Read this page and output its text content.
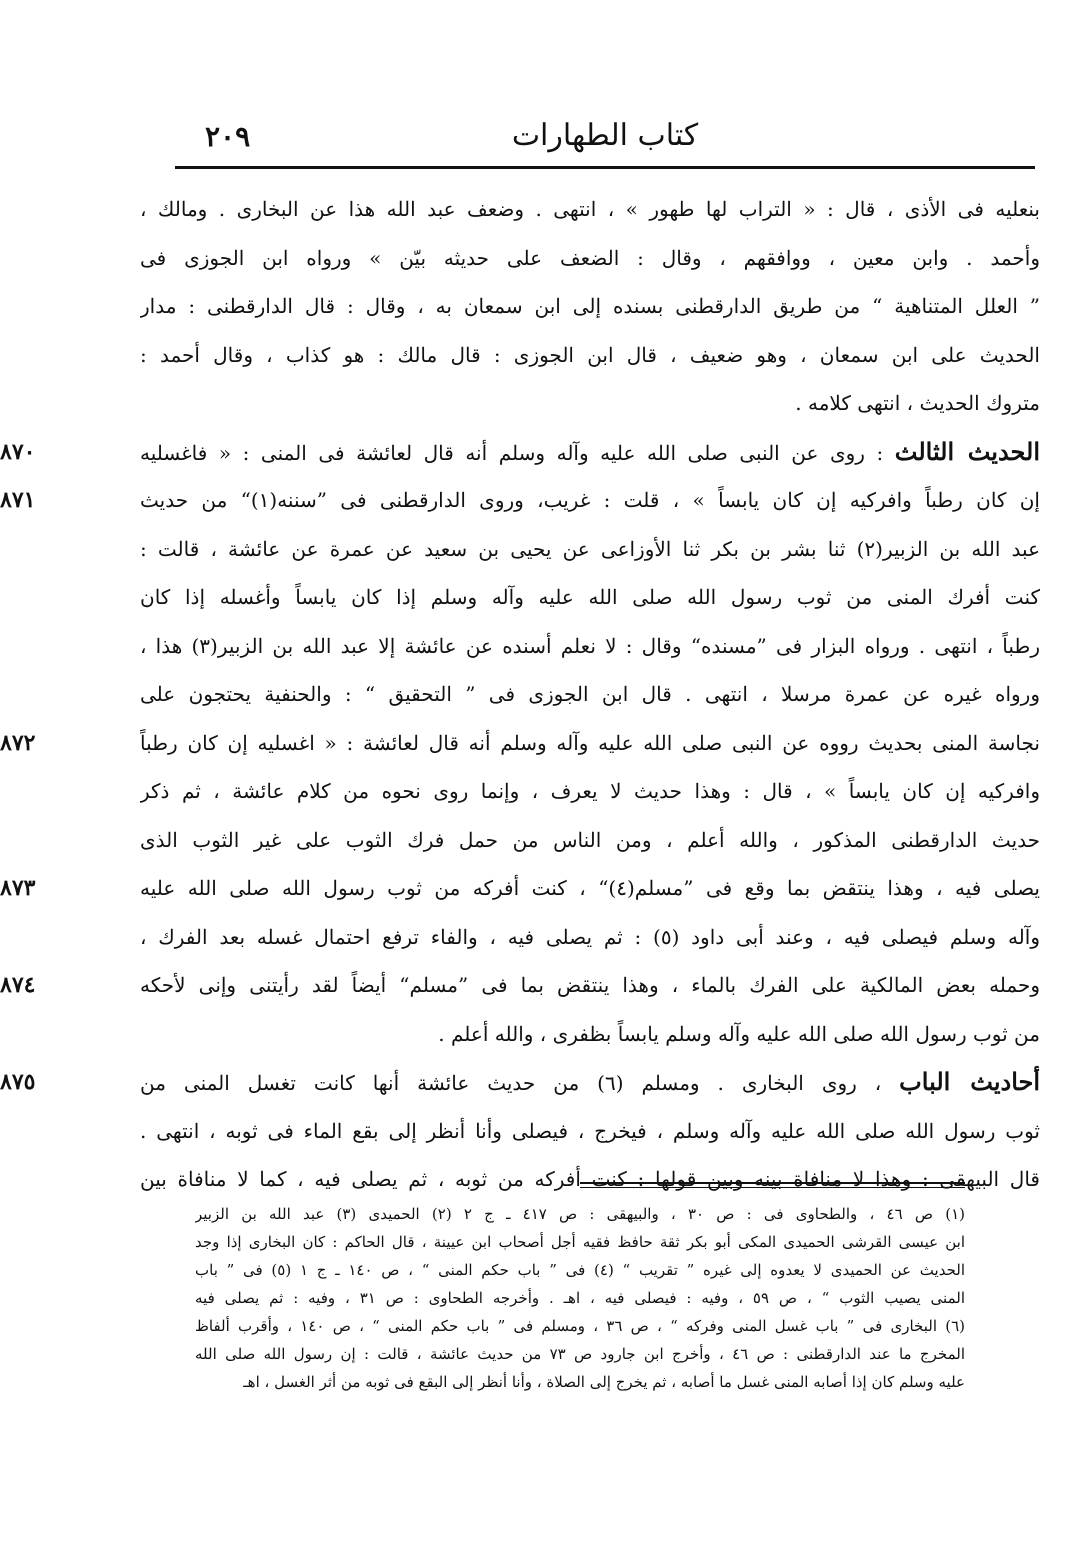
٢٠٩	كتاب الطهارات
بنعليه فى الأذى ، قال : « التراب لها طهور » ، انتهى . وضعف عبد الله هذا عن البخارى . ومالك ،
وأحمد . وابن معين ، ووافقهم ، وقال : الضعف على حديثه بيّن » ورواه ابن الجوزى فى
” العلل المتناهية “ من طريق الدارقطنى بسنده إلى ابن سمعان به ، وقال : قال الدارقطنى : مدار
الحديث على ابن سمعان ، وهو ضعيف ، قال ابن الجوزى : قال مالك : هو كذاب ، وقال أحمد :
متروك الحديث ، انتهى كلامه .
الحديث الثالث : روى عن النبى صلى الله عليه وآله وسلم أنه قال لعائشة فى المنى : « فاغسليه
٨٧٠
إن كان رطباً وافركيه إن كان يابساً » ، قلت : غريب، وروى الدارقطنى فى ”سننه(١)“ من حديث
٨٧١
عبد الله بن الزبير(٢) ثنا بشر بن بكر ثنا الأوزاعى عن يحيى بن سعيد عن عمرة عن عائشة ، قالت :
كنت أفرك المنى من ثوب رسول الله صلى الله عليه وآله وسلم إذا كان يابساً وأغسله إذا كان
رطباً ، انتهى . ورواه البزار فى ”مسنده“ وقال : لا نعلم أسنده عن عائشة إلا عبد الله بن الزبير(٣) هذا ،
ورواه غيره عن عمرة مرسلا ، انتهى . قال ابن الجوزى فى ” التحقيق “ : والحنفية يحتجون على
نجاسة المنى بحديث رووه عن النبى صلى الله عليه وآله وسلم أنه قال لعائشة : « اغسليه إن كان رطباً
٨٧٢
وافركيه إن كان يابساً » ، قال : وهذا حديث لا يعرف ، وإنما روى نحوه من كلام عائشة ، ثم ذكر
حديث الدارقطنى المذكور ، والله أعلم ، ومن الناس من حمل فرك الثوب على غير الثوب الذى
يصلى فيه ، وهذا ينتقض بما وقع فى ”مسلم(٤)“ ، كنت أفركه من ثوب رسول الله صلى الله عليه
٨٧٣
وآله وسلم فيصلى فيه ، وعند أبى داود (٥) : ثم يصلى فيه ، والفاء ترفع احتمال غسله بعد الفرك ،
وحمله بعض المالكية على الفرك بالماء ، وهذا ينتقض بما فى ”مسلم“ أيضاً لقد رأيتنى وإنى لأحكه
٨٧٤
من ثوب رسول الله صلى الله عليه وآله وسلم يابساً بظفرى ، والله أعلم .
أحاديث الباب ، روى البخارى . ومسلم (٦) من حديث عائشة أنها كانت تغسل المنى من
٨٧٥
ثوب رسول الله صلى الله عليه وآله وسلم ، فيخرج ، فيصلى وأنا أنظر إلى بقع الماء فى ثوبه ، انتهى .
قال البيهقى : وهذا لا منافاة بينه وبين قولها : كنت أفركه من ثوبه ، ثم يصلى فيه ، كما لا منافاة بين
(١) ص ٤٦ ، والطحاوى فى : ص ٣٠ ، والبيهقى : ص ٤١٧ ـ ج ٢ (٢) الحميدى (٣) عبد الله بن الزبير
ابن عيسى القرشى الحميدى المكى أبو بكر ثقة حافظ فقيه أجل أصحاب ابن عيينة ، قال الحاكم : كان البخارى إذا وجد
الحديث عن الحميدى لا يعدوه إلى غيره ” تقريب “ (٤) فى ” باب حكم المنى “ ، ص ١٤٠ ـ ج ١ (٥) فى ” باب
المنى يصيب الثوب “ ، ص ٥٩ ، وفيه : فيصلى فيه ، اهـ . وأخرجه الطحاوى : ص ٣١ ، وفيه : ثم يصلى فيه
(٦) البخارى فى ” باب غسل المنى وفركه “ ، ص ٣٦ ، ومسلم فى ” باب حكم المنى “ ، ص ١٤٠ ، وأقرب ألفاظ
المخرج ما عند الدارقطنى : ص ٤٦ ، وأخرج ابن جارود ص ٧٣ من حديث عائشة ، قالت : إن رسول الله صلى الله
عليه وسلم كان إذا أصابه المنى غسل ما أصابه ، ثم يخرج إلى الصلاة ، وأنا أنظر إلى البقع فى ثوبه من أثر الغسل ، اهـ
